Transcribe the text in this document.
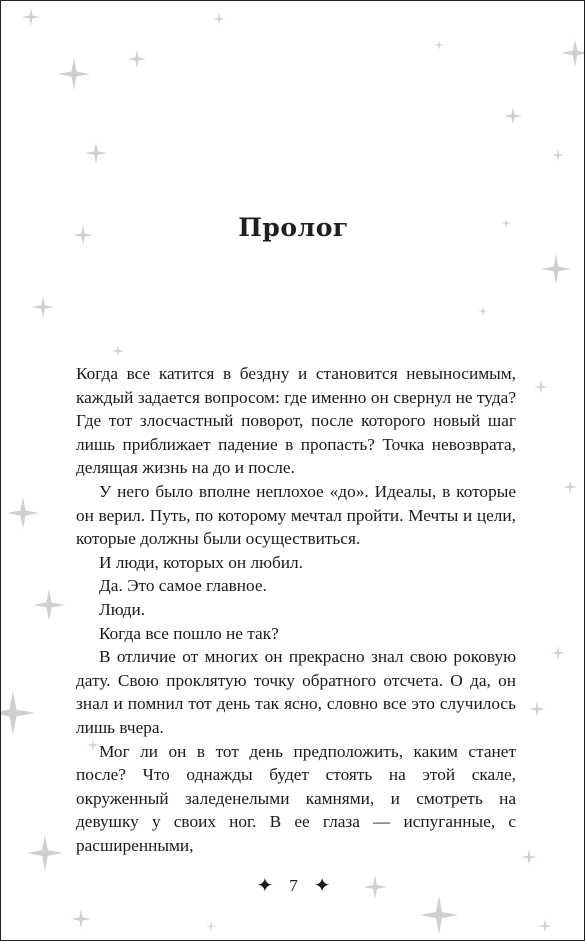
Пролог

Когда все катится в бездну и становится невыносимым, каждый задается вопросом: где именно он свернул не туда? Где тот злосчастный поворот, после которого новый шаг лишь приближает падение в пропасть? Точка невозврата, делящая жизнь на до и после.

У него было вполне неплохое «до». Идеалы, в которые он верил. Путь, по которому мечтал пройти. Мечты и цели, которые должны были осуществиться.

И люди, которых он любил.

Да. Это самое главное.

Люди.

Когда все пошло не так?

В отличие от многих он прекрасно знал свою роковую дату. Свою проклятую точку обратного отсчета. О да, он знал и помнил тот день так ясно, словно все это случилось лишь вчера.

Мог ли он в тот день предположить, каким станет после? Что однажды будет стоять на этой скале, окруженный заледенелыми камнями, и смотреть на девушку у своих ног. В ее глаза — испуганные, с расширенными,

✦ 7 ✦
